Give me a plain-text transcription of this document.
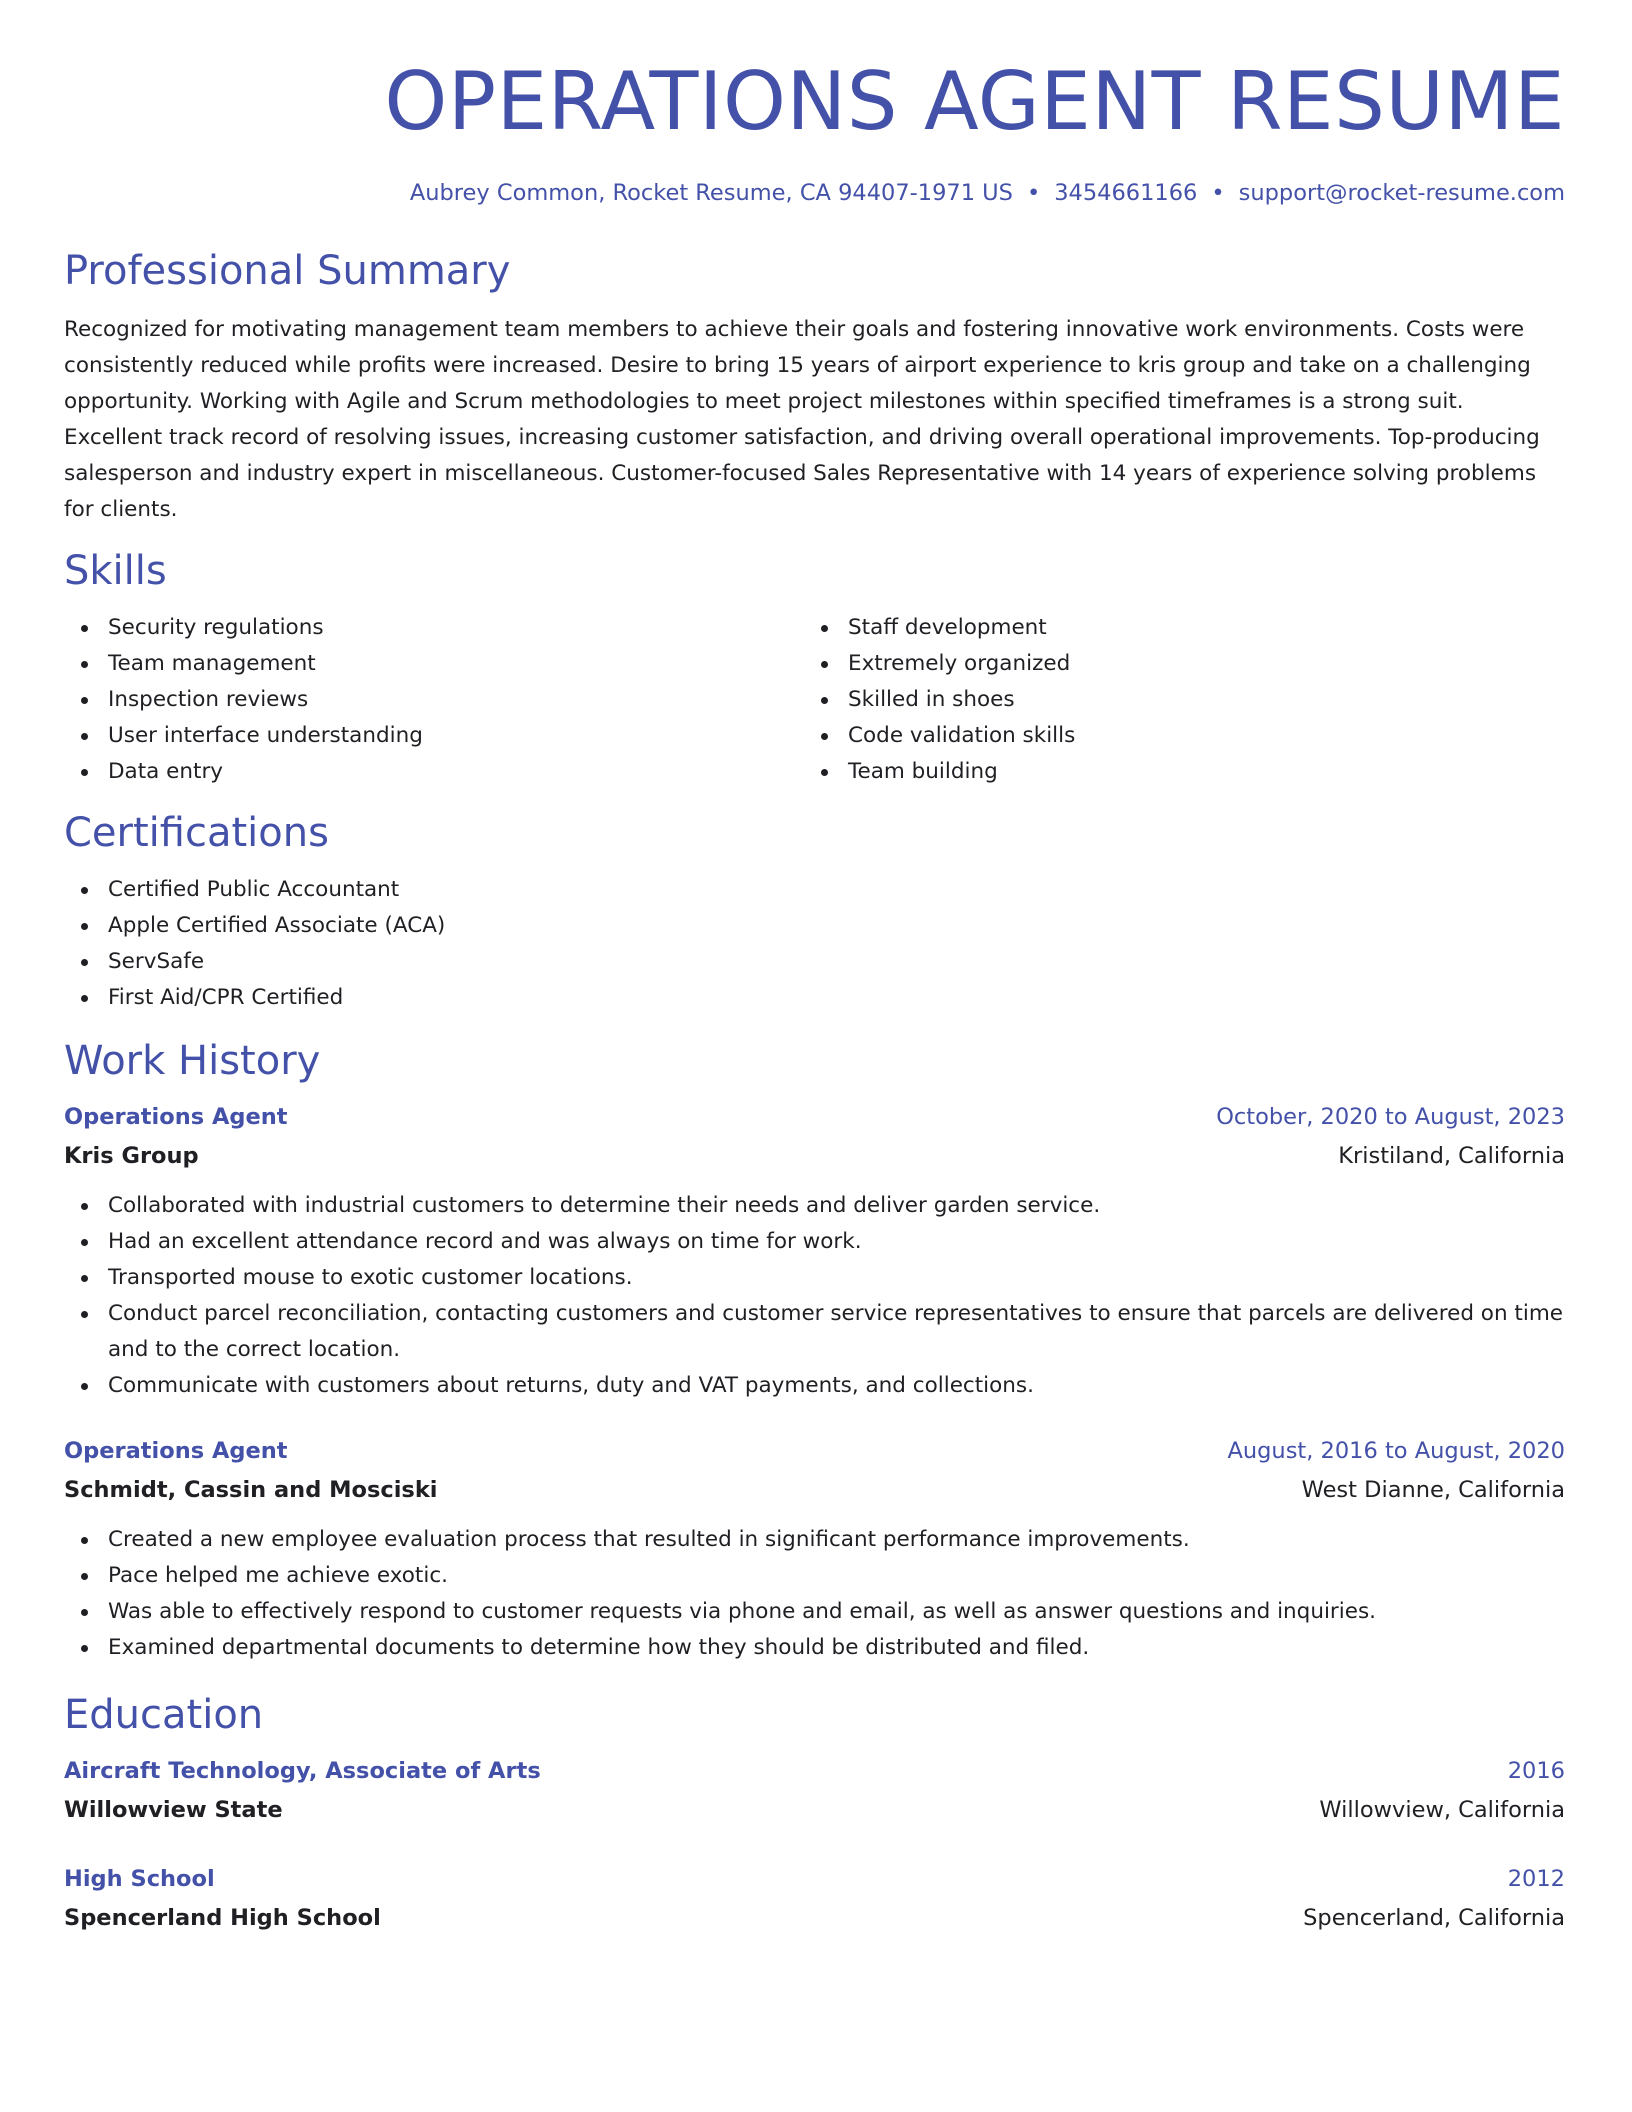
OPERATIONS AGENT RESUME
Aubrey Common, Rocket Resume, CA 94407-1971 US • 3454661166 • support@rocket-resume.com
Professional Summary

Recognized for motivating management team members to achieve their goals and fostering innovative work environments. Costs were consistently reduced while profits were increased. Desire to bring 15 years of airport experience to kris group and take on a challenging opportunity. Working with Agile and Scrum methodologies to meet project milestones within specified timeframes is a strong suit. Excellent track record of resolving issues, increasing customer satisfaction, and driving overall operational improvements. Top-producing salesperson and industry expert in miscellaneous. Customer-focused Sales Representative with 14 years of experience solving problems for clients.

Skills
Security regulations
Team management
Inspection reviews
User interface understanding
Data entry
Staff development
Extremely organized
Skilled in shoes
Code validation skills
Team building
Certifications
Certified Public Accountant
Apple Certified Associate (ACA)
ServSafe
First Aid/CPR Certified
Work History
Operations Agent	October, 2020 to August, 2023
Kris Group	Kristiland, California
Collaborated with industrial customers to determine their needs and deliver garden service.
Had an excellent attendance record and was always on time for work.
Transported mouse to exotic customer locations.
Conduct parcel reconciliation, contacting customers and customer service representatives to ensure that parcels are delivered on time and to the correct location.
Communicate with customers about returns, duty and VAT payments, and collections.
Operations Agent	August, 2016 to August, 2020
Schmidt, Cassin and Mosciski	West Dianne, California
Created a new employee evaluation process that resulted in significant performance improvements.
Pace helped me achieve exotic.
Was able to effectively respond to customer requests via phone and email, as well as answer questions and inquiries.
Examined departmental documents to determine how they should be distributed and filed.
Education
Aircraft Technology, Associate of Arts	2016
Willowview State	Willowview, California
High School	2012
Spencerland High School	Spencerland, California
